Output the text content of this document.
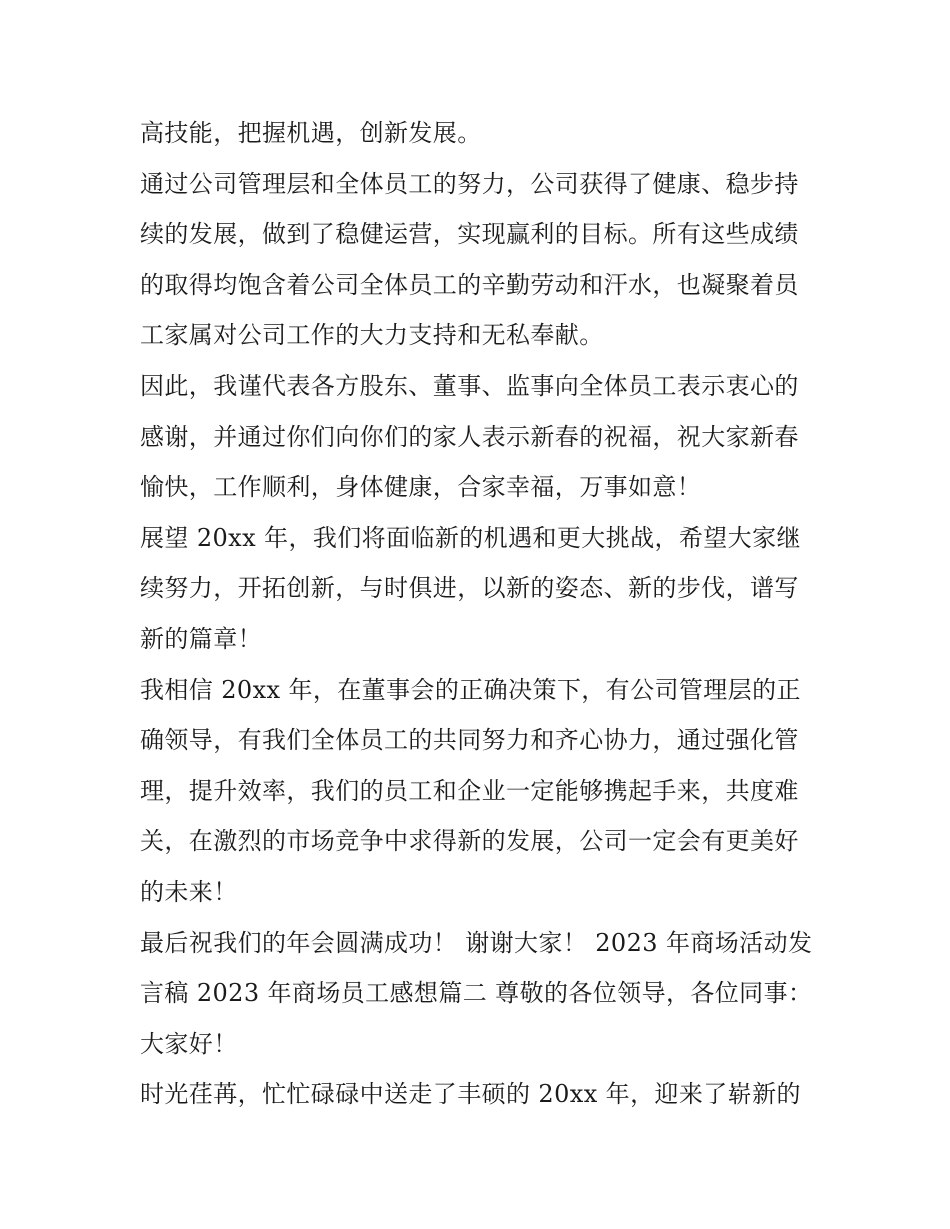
高技能，把握机遇，创新发展。
通过公司管理层和全体员工的努力，公司获得了健康、稳步持
续的发展，做到了稳健运营，实现赢利的目标。所有这些成绩
的取得均饱含着公司全体员工的辛勤劳动和汗水，也凝聚着员
工家属对公司工作的大力支持和无私奉献。
因此，我谨代表各方股东、董事、监事向全体员工表示衷心的
感谢，并通过你们向你们的家人表示新春的祝福，祝大家新春
愉快，工作顺利，身体健康，合家幸福，万事如意！
展望 20xx 年，我们将面临新的机遇和更大挑战，希望大家继
续努力，开拓创新，与时俱进，以新的姿态、新的步伐，谱写
新的篇章！
我相信 20xx 年，在董事会的正确决策下，有公司管理层的正
确领导，有我们全体员工的共同努力和齐心协力，通过强化管
理，提升效率，我们的员工和企业一定能够携起手来，共度难
关，在激烈的市场竞争中求得新的发展，公司一定会有更美好
的未来！
最后祝我们的年会圆满成功！ 谢谢大家！ 2023 年商场活动发
言稿 2023 年商场员工感想篇二 尊敬的各位领导，各位同事：
大家好！
时光荏苒，忙忙碌碌中送走了丰硕的 20xx 年，迎来了崭新的
